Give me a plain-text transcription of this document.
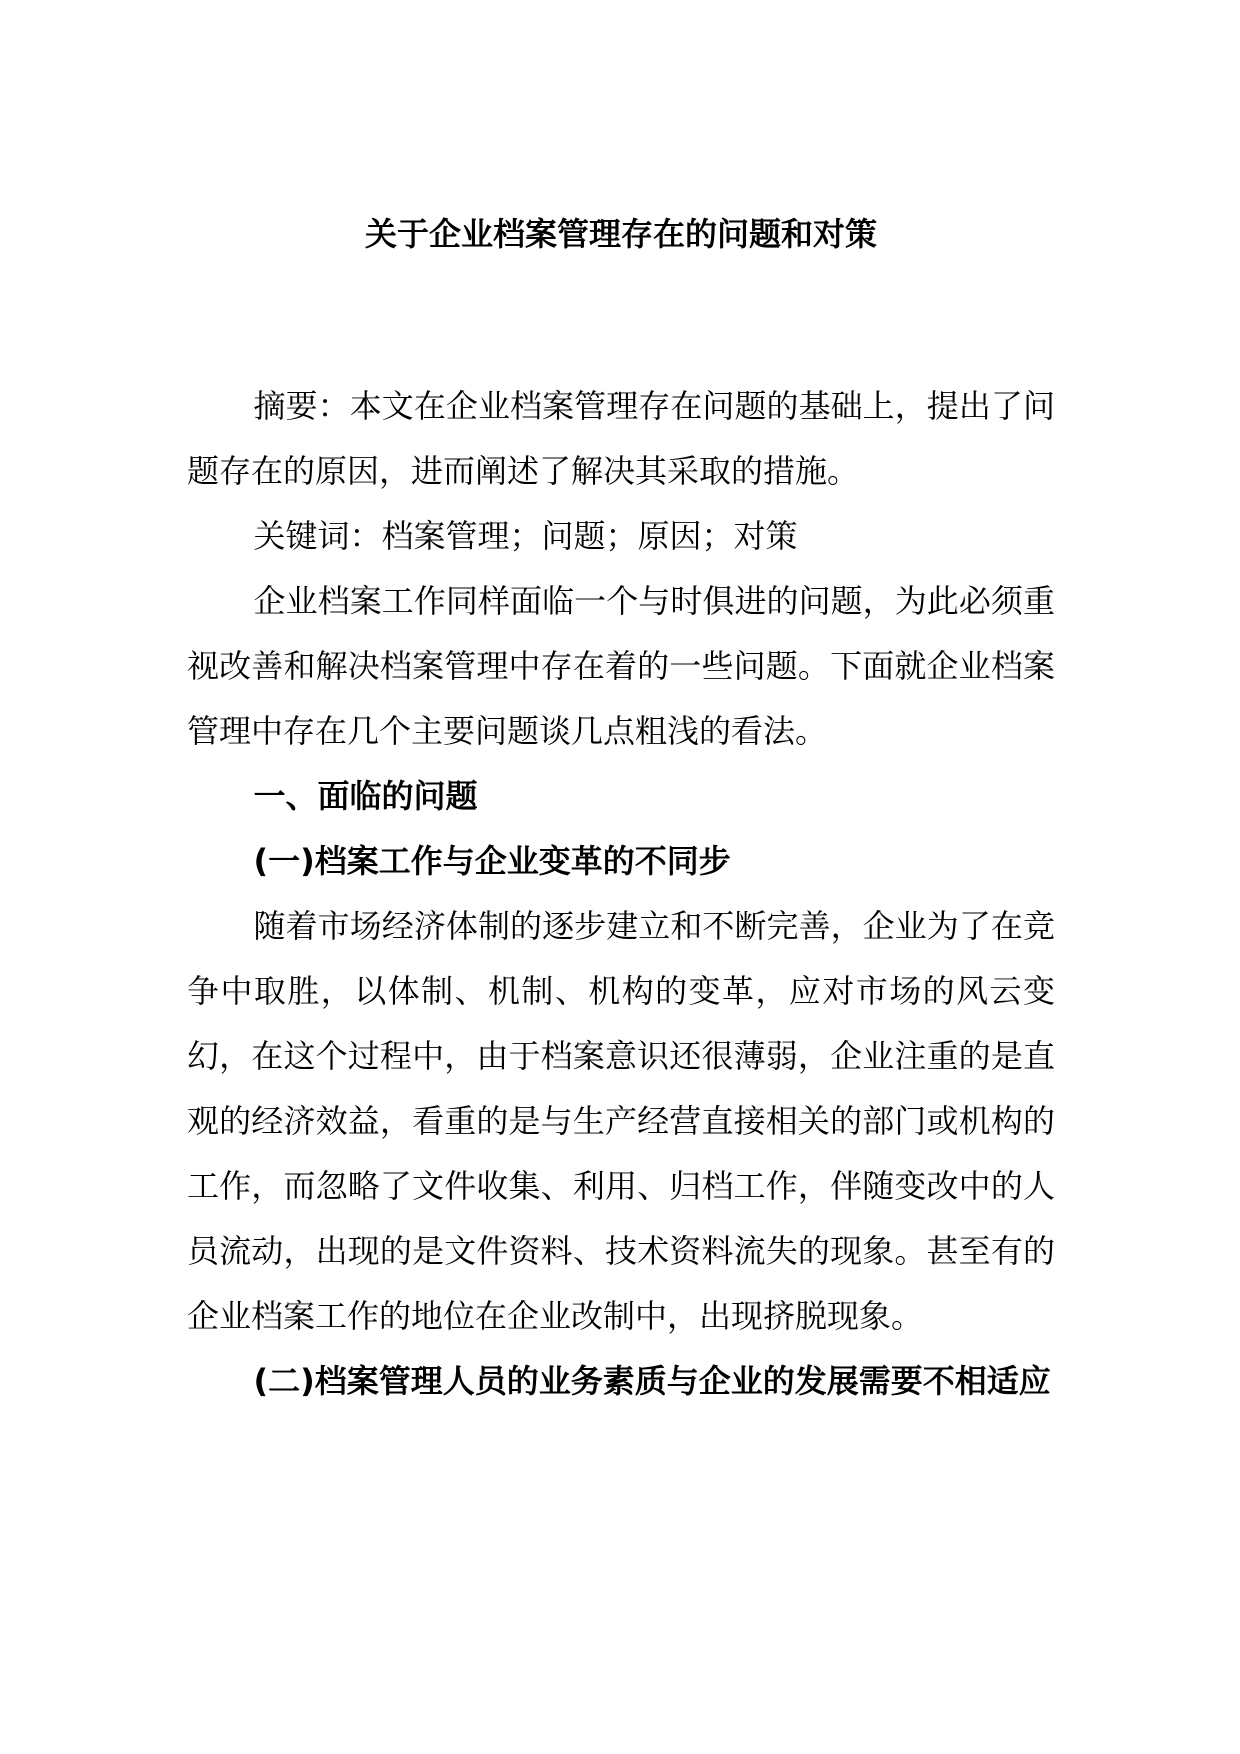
关于企业档案管理存在的问题和对策

摘要：本文在企业档案管理存在问题的基础上，提出了问题存在的原因，进而阐述了解决其采取的措施。

关键词：档案管理；问题；原因；对策

企业档案工作同样面临一个与时俱进的问题，为此必须重视改善和解决档案管理中存在着的一些问题。下面就企业档案管理中存在几个主要问题谈几点粗浅的看法。

一、面临的问题

(一)档案工作与企业变革的不同步

随着市场经济体制的逐步建立和不断完善，企业为了在竞争中取胜，以体制、机制、机构的变革，应对市场的风云变幻，在这个过程中，由于档案意识还很薄弱，企业注重的是直观的经济效益，看重的是与生产经营直接相关的部门或机构的工作，而忽略了文件收集、利用、归档工作，伴随变改中的人员流动，出现的是文件资料、技术资料流失的现象。甚至有的企业档案工作的地位在企业改制中，出现挤脱现象。

(二)档案管理人员的业务素质与企业的发展需要不相适应
